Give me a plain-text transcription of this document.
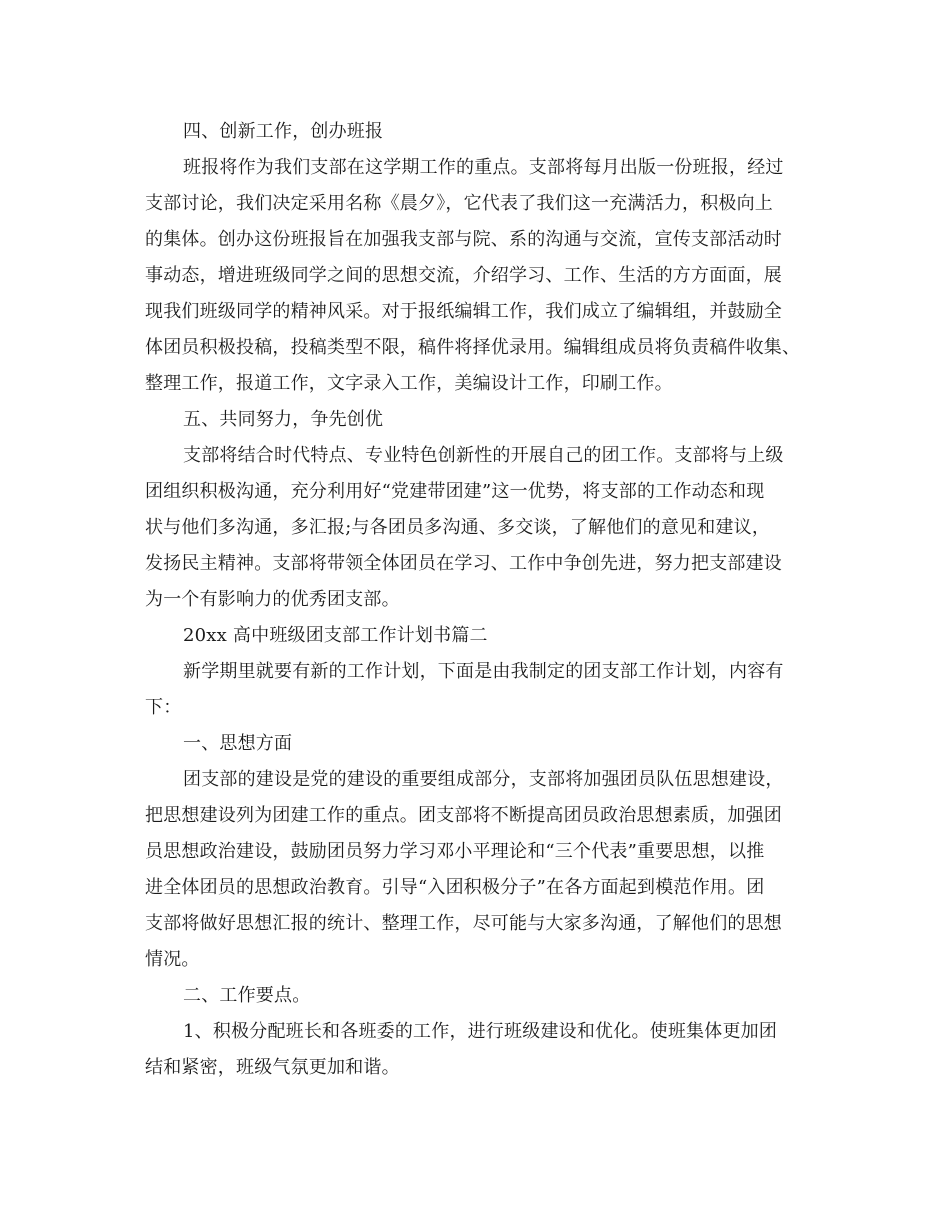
四、创新工作，创办班报
班报将作为我们支部在这学期工作的重点。支部将每月出版一份班报，经过
支部讨论，我们决定采用名称《晨夕》，它代表了我们这一充满活力，积极向上
的集体。创办这份班报旨在加强我支部与院、系的沟通与交流，宣传支部活动时
事动态，增进班级同学之间的思想交流，介绍学习、工作、生活的方方面面，展
现我们班级同学的精神风采。对于报纸编辑工作，我们成立了编辑组，并鼓励全
体团员积极投稿，投稿类型不限，稿件将择优录用。编辑组成员将负责稿件收集、
整理工作，报道工作，文字录入工作，美编设计工作，印刷工作。
五、共同努力，争先创优
支部将结合时代特点、专业特色创新性的开展自己的团工作。支部将与上级
团组织积极沟通，充分利用好“党建带团建”这一优势，将支部的工作动态和现
状与他们多沟通，多汇报;与各团员多沟通、多交谈，了解他们的意见和建议，
发扬民主精神。支部将带领全体团员在学习、工作中争创先进，努力把支部建设
为一个有影响力的优秀团支部。
20xx 高中班级团支部工作计划书篇二
新学期里就要有新的工作计划，下面是由我制定的团支部工作计划，内容有
下：
一、思想方面
团支部的建设是党的建设的重要组成部分，支部将加强团员队伍思想建设，
把思想建设列为团建工作的重点。团支部将不断提高团员政治思想素质，加强团
员思想政治建设，鼓励团员努力学习邓小平理论和“三个代表”重要思想，以推
进全体团员的思想政治教育。引导“入团积极分子”在各方面起到模范作用。团
支部将做好思想汇报的统计、整理工作，尽可能与大家多沟通，了解他们的思想
情况。
二、工作要点。
1、积极分配班长和各班委的工作，进行班级建设和优化。使班集体更加团
结和紧密，班级气氛更加和谐。
